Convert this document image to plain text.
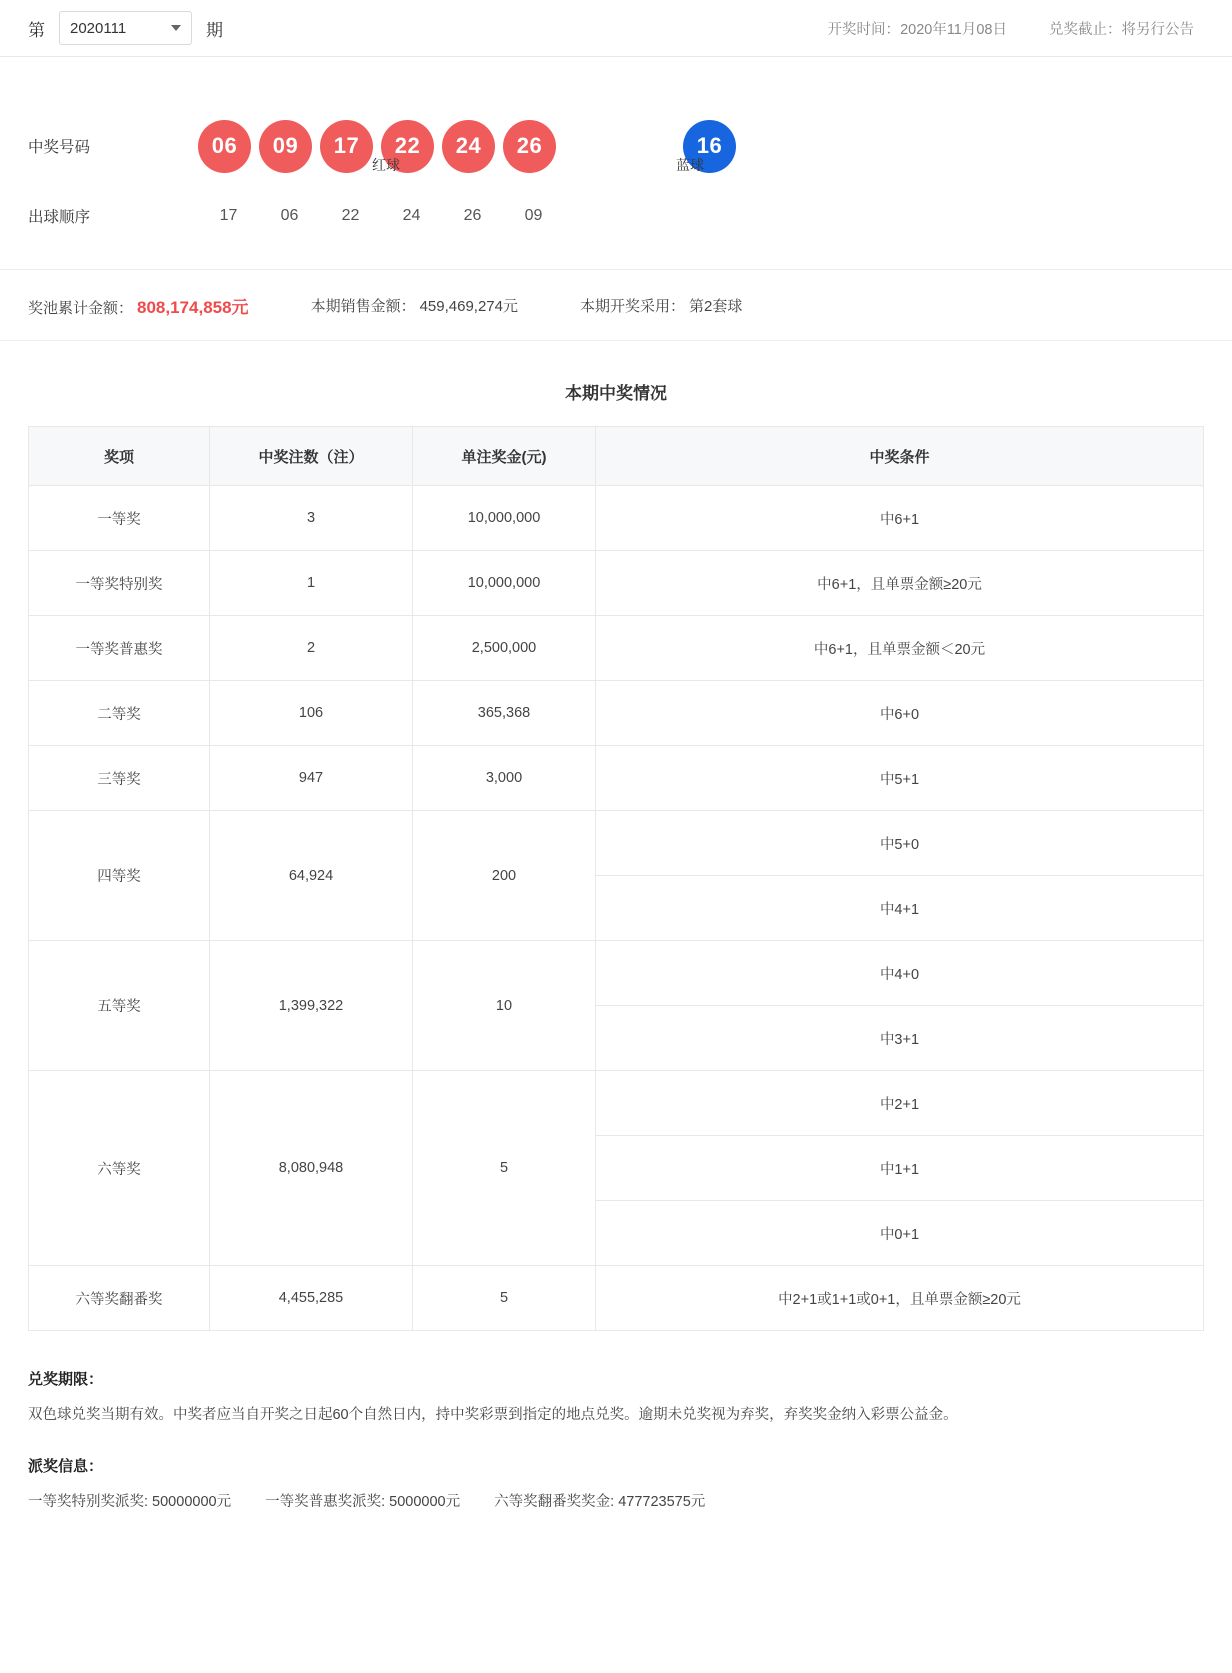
第 2020111	期	开奖时间：2020年11月08日	兑奖截止：将另行公告
红球	蓝球
中奖号码	06	09	17	22	24	26	16
出球顺序	17	06	22	24	26	09
奖池累计金额： 808,174,858元	本期销售金额： 459,469,274元	本期开奖采用： 第2套球
本期中奖情况
奖项	中奖注数（注）	单注奖金(元)	中奖条件
一等奖	3	10,000,000	中6+1
一等奖特别奖	1	10,000,000	中6+1，且单票金额≥20元
一等奖普惠奖	2	2,500,000	中6+1，且单票金额＜20元
二等奖	106	365,368	中6+0
三等奖	947	3,000	中5+1
四等奖	64,924	200	中5+0
			中4+1
五等奖	1,399,322	10	中4+0
			中3+1
六等奖	8,080,948	5	中2+1
			中1+1
			中0+1
六等奖翻番奖	4,455,285	5	中2+1或1+1或0+1，且单票金额≥20元
兑奖期限：

双色球兑奖当期有效。中奖者应当自开奖之日起60个自然日内，持中奖彩票到指定的地点兑奖。逾期未兑奖视为弃奖，弃奖奖金纳入彩票公益金。

派奖信息：

一等奖特别奖派奖: 50000000元 一等奖普惠奖派奖: 5000000元 六等奖翻番奖奖金: 477723575元
